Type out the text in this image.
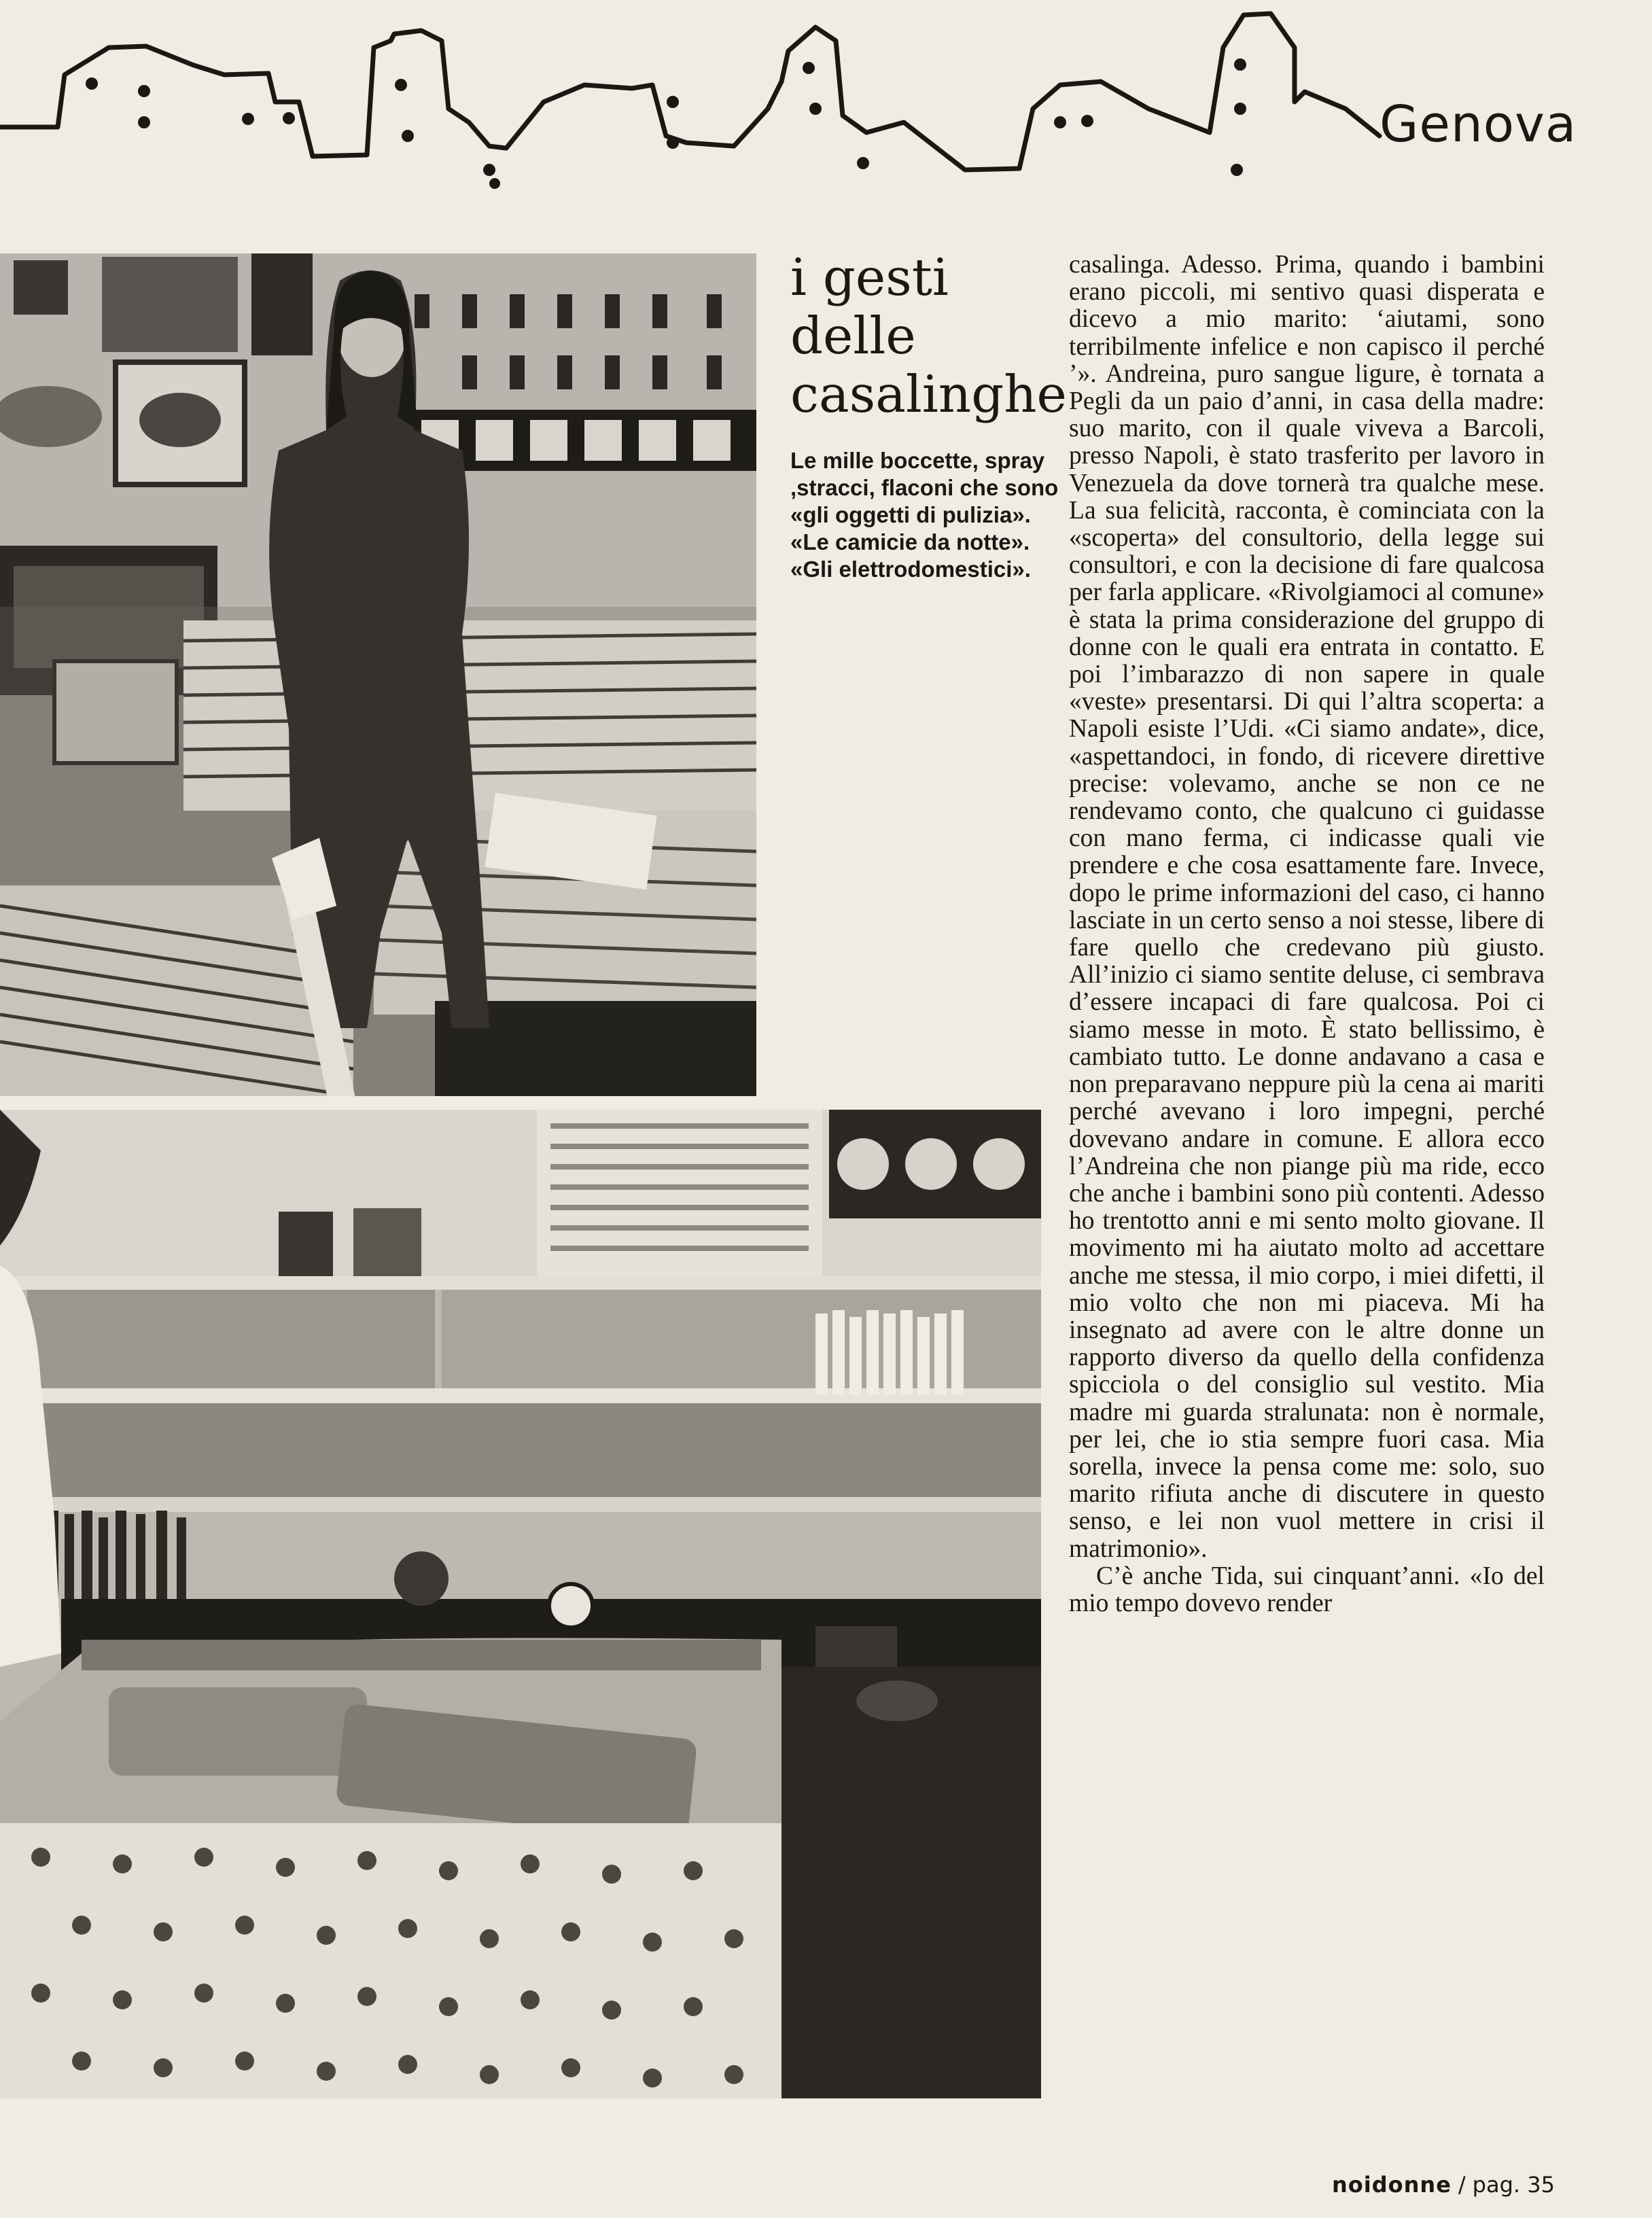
Genova
i gesti
delle
casalinghe

Le mille boccette, spray ,stracci, flaconi che sono «gli oggetti di pulizia». «Le camicie da notte». «Gli elettrodomestici».

casalinga. Adesso. Prima, quando i bambini erano piccoli, mi sentivo quasi disperata e dicevo a mio marito: ‘aiutami, sono terribilmente infelice e non capisco il perché ’». Andreina, puro sangue ligure, è tornata a Pegli da un paio d’anni, in casa della madre: suo marito, con il quale viveva a Barcoli, presso Napoli, è stato trasferito per lavoro in Venezuela da dove tornerà tra qualche mese. La sua felicità, racconta, è cominciata con la «scoperta» del consultorio, della legge sui consultori, e con la decisione di fare qualcosa per farla applicare. «Rivolgiamoci al comune» è stata la prima considerazione del gruppo di donne con le quali era entrata in contatto. E poi l’imbarazzo di non sapere in quale «veste» presentarsi. Di qui l’altra scoperta: a Napoli esiste l’Udi. «Ci siamo andate», dice, «aspettandoci, in fondo, di ricevere direttive precise: volevamo, anche se non ce ne rendevamo conto, che qualcuno ci guidasse con mano ferma, ci indicasse quali vie prendere e che cosa esattamente fare. Invece, dopo le prime informazioni del caso, ci hanno lasciate in un certo senso a noi stesse, libere di fare quello che credevano più giusto. All’inizio ci siamo sentite deluse, ci sembrava d’essere incapaci di fare qualcosa. Poi ci siamo messe in moto. È stato bellissimo, è cambiato tutto. Le donne andavano a casa e non preparavano neppure più la cena ai mariti perché avevano i loro impegni, perché dovevano andare in comune. E allora ecco l’Andreina che non piange più ma ride, ecco che anche i bambini sono più contenti. Adesso ho trentotto anni e mi sento molto giovane. Il movimento mi ha aiutato molto ad accettare anche me stessa, il mio corpo, i miei difetti, il mio volto che non mi piaceva. Mi ha insegnato ad avere con le altre donne un rapporto diverso da quello della confidenza spicciola o del consiglio sul vestito. Mia madre mi guarda stralunata: non è normale, per lei, che io stia sempre fuori casa. Mia sorella, invece la pensa come me: solo, suo marito rifiuta anche di discutere in questo senso, e lei non vuol mettere in crisi il matrimonio».

C’è anche Tida, sui cinquant’anni. «Io del mio tempo dovevo render

noidonne / pag. 35
